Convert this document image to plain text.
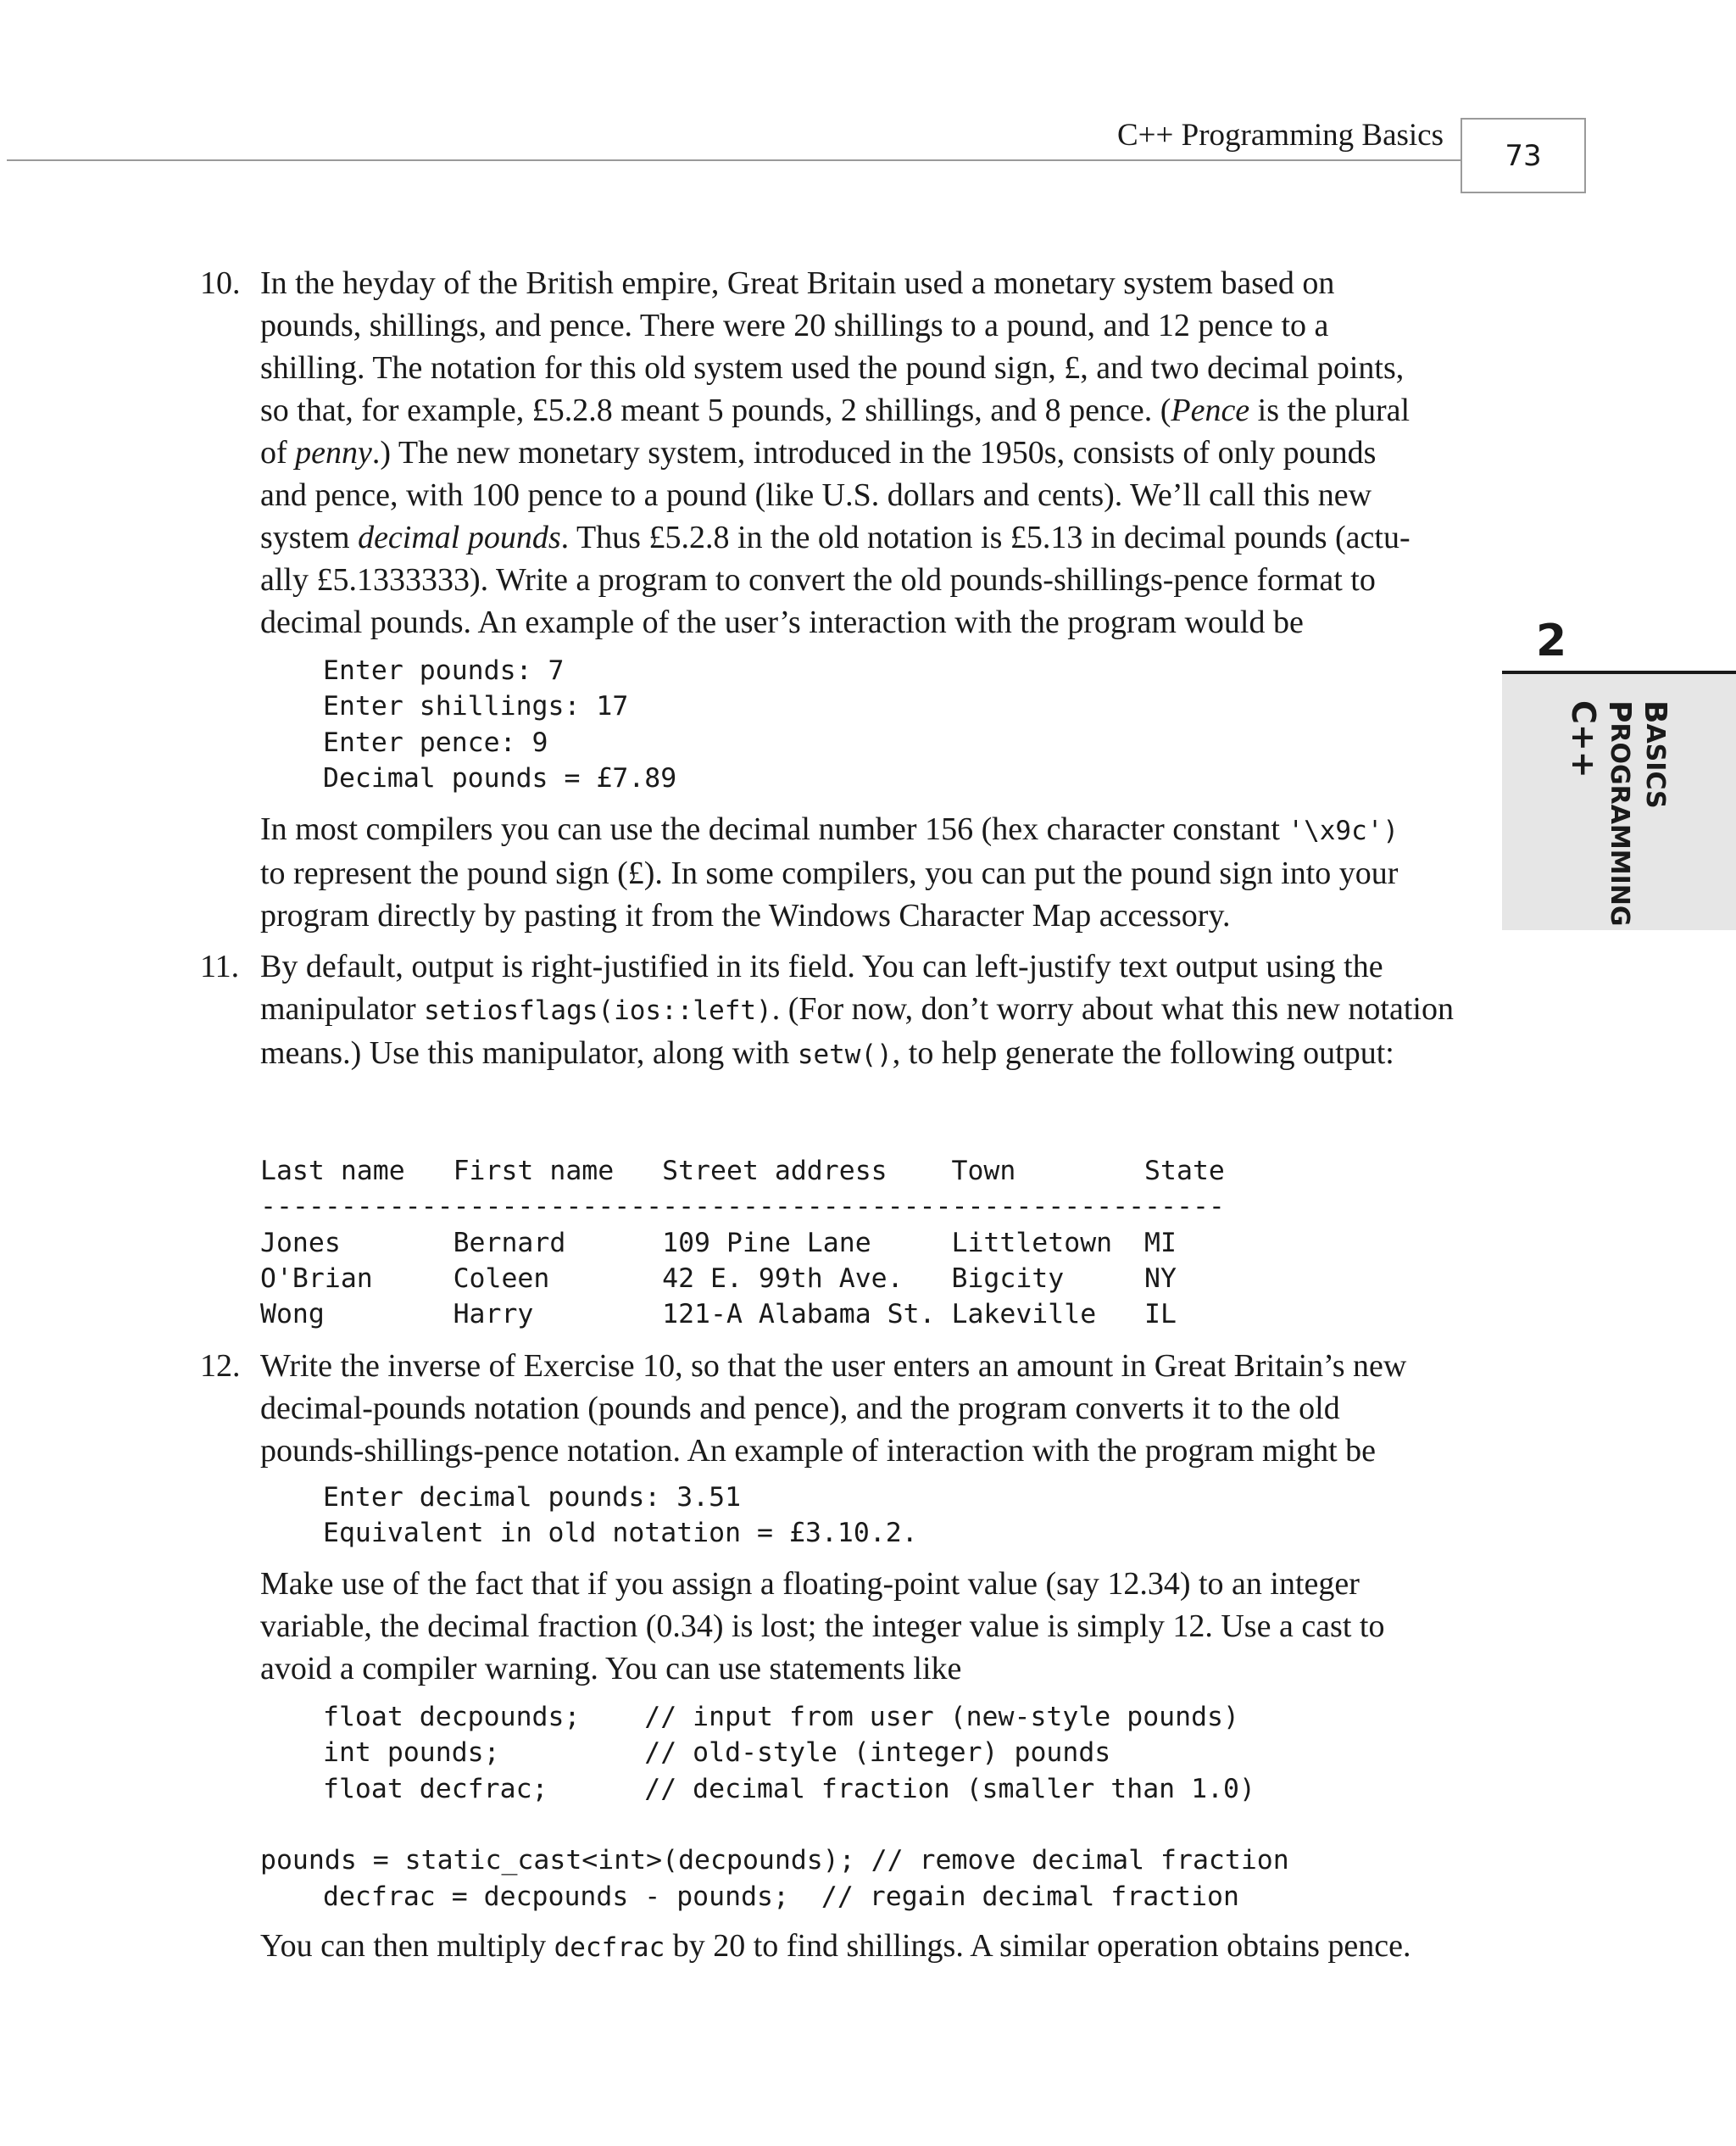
C++ Programming Basics
73
2
C++ PROGRAMMING
BASICS
10. In the heyday of the British empire, Great Britain used a monetary system based on
pounds, shillings, and pence. There were 20 shillings to a pound, and 12 pence to a
shilling. The notation for this old system used the pound sign, £, and two decimal points,
so that, for example, £5.2.8 meant 5 pounds, 2 shillings, and 8 pence. (Pence is the plural
of penny.) The new monetary system, introduced in the 1950s, consists of only pounds
and pence, with 100 pence to a pound (like U.S. dollars and cents). We’ll call this new
system decimal pounds. Thus £5.2.8 in the old notation is £5.13 in decimal pounds (actu-
ally £5.1333333). Write a program to convert the old pounds-shillings-pence format to
decimal pounds. An example of the user’s interaction with the program would be
Enter pounds: 7
Enter shillings: 17
Enter pence: 9
Decimal pounds = £7.89
In most compilers you can use the decimal number 156 (hex character constant '\x9c')
to represent the pound sign (£). In some compilers, you can put the pound sign into your
program directly by pasting it from the Windows Character Map accessory.
11. By default, output is right-justified in its field. You can left-justify text output using the
manipulator setiosflags(ios::left). (For now, don’t worry about what this new notation
means.) Use this manipulator, along with setw(), to help generate the following output:
Last name   First name   Street address    Town        State
------------------------------------------------------------
Jones       Bernard      109 Pine Lane     Littletown  MI
O'Brian     Coleen       42 E. 99th Ave.   Bigcity     NY
Wong        Harry        121-A Alabama St. Lakeville   IL
12. Write the inverse of Exercise 10, so that the user enters an amount in Great Britain’s new
decimal-pounds notation (pounds and pence), and the program converts it to the old
pounds-shillings-pence notation. An example of interaction with the program might be
Enter decimal pounds: 3.51
Equivalent in old notation = £3.10.2.
Make use of the fact that if you assign a floating-point value (say 12.34) to an integer
variable, the decimal fraction (0.34) is lost; the integer value is simply 12. Use a cast to
avoid a compiler warning. You can use statements like
float decpounds;    // input from user (new-style pounds)
int pounds;         // old-style (integer) pounds
float decfrac;      // decimal fraction (smaller than 1.0)
pounds = static_cast<int>(decpounds); // remove decimal fraction
decfrac = decpounds - pounds;  // regain decimal fraction
You can then multiply decfrac by 20 to find shillings. A similar operation obtains pence.
